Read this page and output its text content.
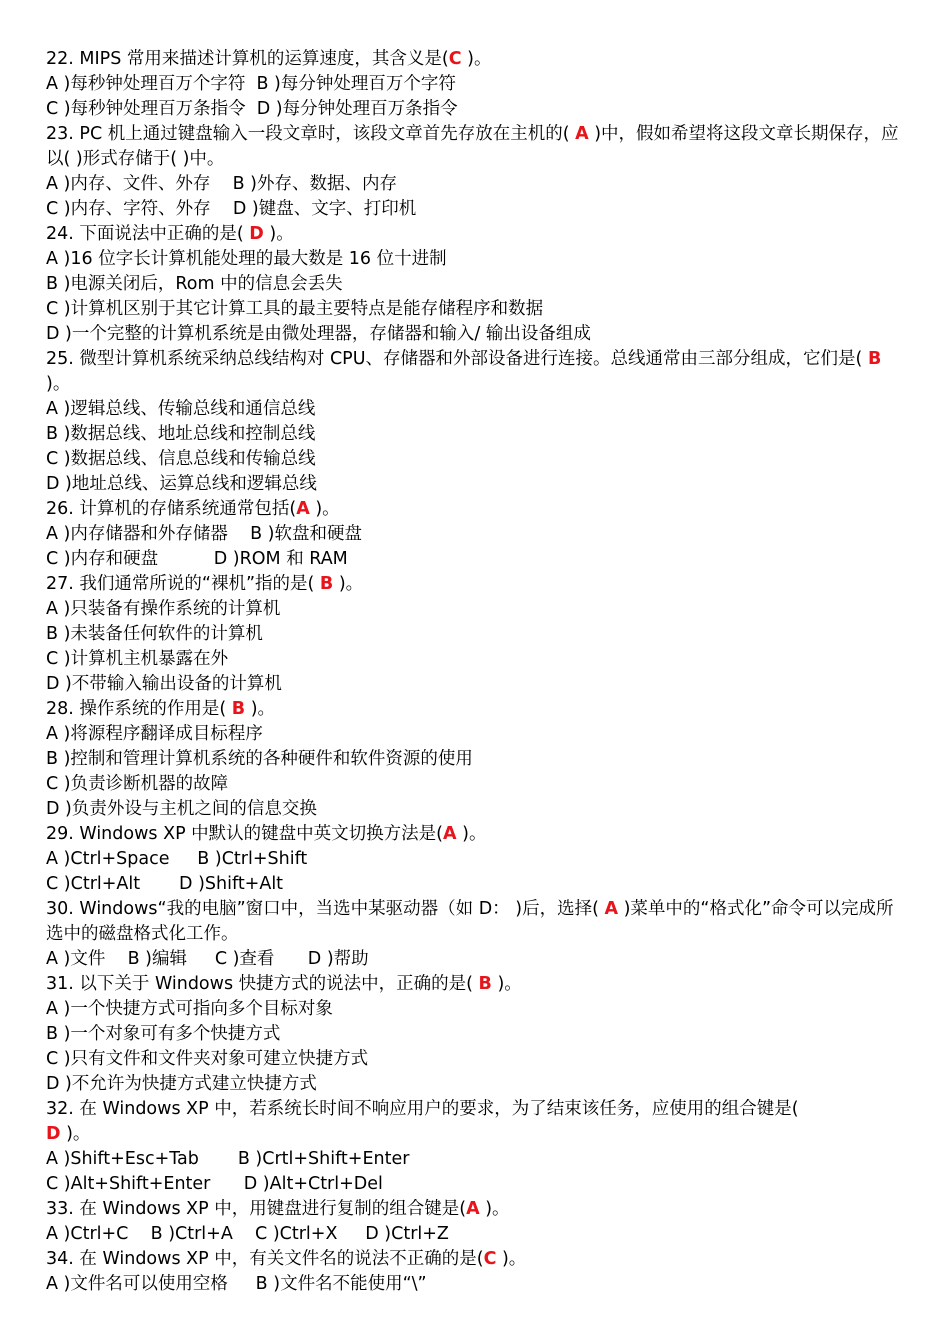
22. MIPS 常用来描述计算机的运算速度，其含义是(C )。
A )每秒钟处理百万个字符  B )每分钟处理百万个字符
C )每秒钟处理百万条指令  D )每分钟处理百万条指令
23. PC 机上通过键盘输入一段文章时，该段文章首先存放在主机的( A )中，假如希望将这段文章长期保存，应以( )形式存储于( )中。
A )内存、文件、外存    B )外存、数据、内存
C )内存、字符、外存    D )键盘、文字、打印机
24. 下面说法中正确的是( D )。
A )16 位字长计算机能处理的最大数是 16 位十进制
B )电源关闭后，Rom 中的信息会丢失
C )计算机区别于其它计算工具的最主要特点是能存储程序和数据
D )一个完整的计算机系统是由微处理器，存储器和输入/ 输出设备组成
25. 微型计算机系统采纳总线结构对 CPU、存储器和外部设备进行连接。总线通常由三部分组成，它们是( B )。
A )逻辑总线、传输总线和通信总线
B )数据总线、地址总线和控制总线
C )数据总线、信息总线和传输总线
D )地址总线、运算总线和逻辑总线
26. 计算机的存储系统通常包括(A )。
A )内存储器和外存储器    B )软盘和硬盘
C )内存和硬盘          D )ROM 和 RAM
27. 我们通常所说的“裸机”指的是( B )。
A )只装备有操作系统的计算机
B )未装备任何软件的计算机
C )计算机主机暴露在外
D )不带输入输出设备的计算机
28. 操作系统的作用是( B )。
A )将源程序翻译成目标程序
B )控制和管理计算机系统的各种硬件和软件资源的使用
C )负责诊断机器的故障
D )负责外设与主机之间的信息交换
29. Windows XP 中默认的键盘中英文切换方法是(A )。
A )Ctrl+Space     B )Ctrl+Shift
C )Ctrl+Alt       D )Shift+Alt
30. Windows“我的电脑”窗口中，当选中某驱动器（如 D： )后，选择( A )菜单中的“格式化”命令可以完成所选中的磁盘格式化工作。
A )文件    B )编辑     C )查看      D )帮助
31. 以下关于 Windows 快捷方式的说法中，正确的是( B )。
A )一个快捷方式可指向多个目标对象
B )一个对象可有多个快捷方式
C )只有文件和文件夹对象可建立快捷方式
D )不允许为快捷方式建立快捷方式
32. 在 Windows XP 中，若系统长时间不响应用户的要求，为了结束该任务，应使用的组合键是(
D )。
A )Shift+Esc+Tab       B )Crtl+Shift+Enter
C )Alt+Shift+Enter      D )Alt+Ctrl+Del
33. 在 Windows XP 中，用键盘进行复制的组合键是(A )。
A )Ctrl+C    B )Ctrl+A    C )Ctrl+X     D )Ctrl+Z
34. 在 Windows XP 中，有关文件名的说法不正确的是(C )。
A )文件名可以使用空格     B )文件名不能使用“\”
